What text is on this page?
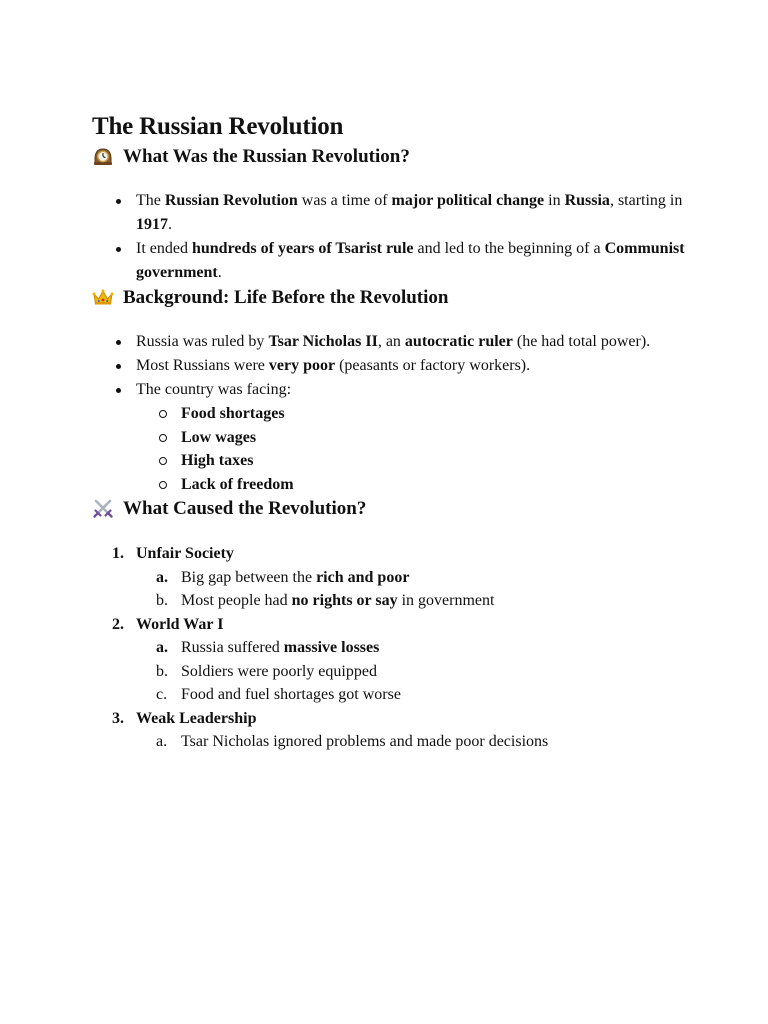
The Russian Revolution
What Was the Russian Revolution?
The Russian Revolution was a time of major political change in Russia, starting in 1917.
It ended hundreds of years of Tsarist rule and led to the beginning of a Communist government.
Background: Life Before the Revolution
Russia was ruled by Tsar Nicholas II, an autocratic ruler (he had total power).
Most Russians were very poor (peasants or factory workers).
The country was facing:
Food shortages
Low wages
High taxes
Lack of freedom
What Caused the Revolution?
1. Unfair Society
a. Big gap between the rich and poor
b. Most people had no rights or say in government
2. World War I
a. Russia suffered massive losses
b. Soldiers were poorly equipped
c. Food and fuel shortages got worse
3. Weak Leadership
a. Tsar Nicholas ignored problems and made poor decisions
